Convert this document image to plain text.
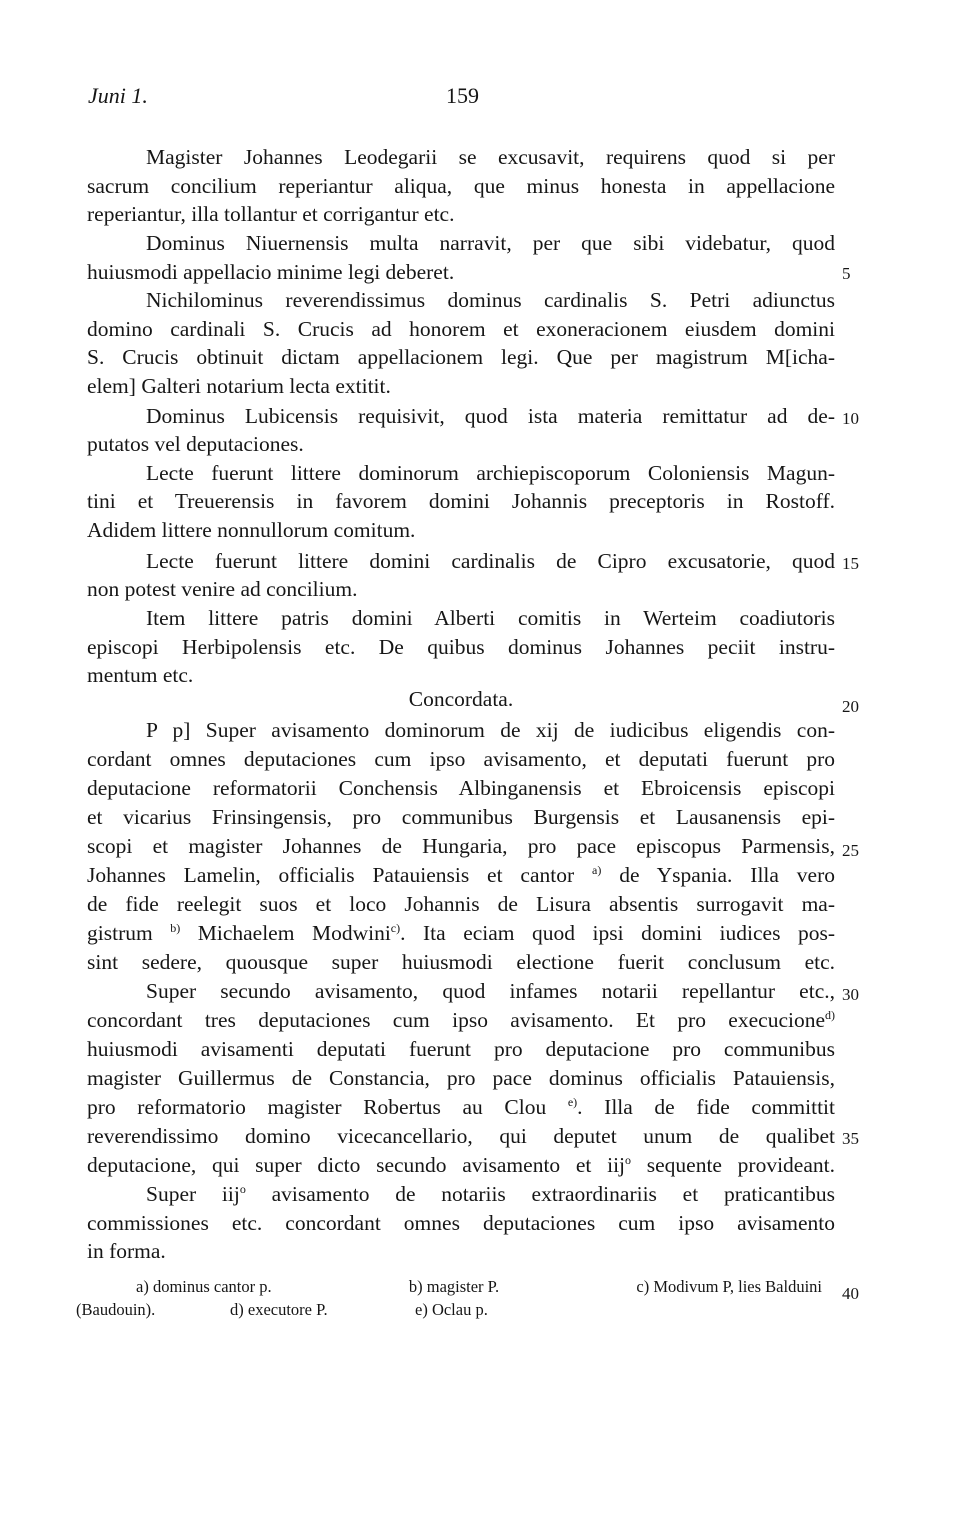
Juni 1.	159
Magister Johannes Leodegarii se excusavit, requirens quod si per
sacrum concilium reperiantur aliqua, que minus honesta in appellacione
reperiantur, illa tollantur et corrigantur etc.
Dominus Niuernensis multa narravit, per que sibi videbatur, quod
huiusmodi appellacio minime legi deberet.
Nichilominus reverendissimus dominus cardinalis S. Petri adiunctus
domino cardinali S. Crucis ad honorem et exoneracionem eiusdem domini
S. Crucis obtinuit dictam appellacionem legi. Que per magistrum M[icha-
elem] Galteri notarium lecta extitit.
Dominus Lubicensis requisivit, quod ista materia remittatur ad de-
putatos vel deputaciones.
Lecte fuerunt littere dominorum archiepiscoporum Coloniensis Magun-
tini et Treuerensis in favorem domini Johannis preceptoris in Rostoff.
Adidem littere nonnullorum comitum.
Lecte fuerunt littere domini cardinalis de Cipro excusatorie, quod
non potest venire ad concilium.
Item littere patris domini Alberti comitis in Werteim coadiutoris
episcopi Herbipolensis etc. De quibus dominus Johannes peciit instru-
mentum etc.
Concordata.
P p] Super avisamento dominorum de xij de iudicibus eligendis con-
cordant omnes deputaciones cum ipso avisamento, et deputati fuerunt pro
deputacione reformatorii Conchensis Albinganensis et Ebroicensis episcopi
et vicarius Frinsingensis, pro communibus Burgensis et Lausanensis epi-
scopi et magister Johannes de Hungaria, pro pace episcopus Parmensis,
Johannes Lamelin, officialis Patauiensis et cantor $^{a)}$ de Yspania. Illa vero
de fide reelegit suos et loco Johannis de Lisura absentis surrogavit ma-
gistrum $^{b)}$ Michaelem Modwini$^{c)}$. Ita eciam quod ipsi domini iudices pos-
sint sedere, quousque super huiusmodi electione fuerit conclusum etc.
Super secundo avisamento, quod infames notarii repellantur etc.,
concordant tres deputaciones cum ipso avisamento. Et pro execucione$^{d)}$
huiusmodi avisamenti deputati fuerunt pro deputacione pro communibus
magister Guillermus de Constancia, pro pace dominus officialis Patauiensis,
pro reformatorio magister Robertus au Clou $^{e)}$. Illa de fide committit
reverendissimo domino vicecancellario, qui deputet unum de qualibet
deputacione, qui super dicto secundo avisamento et iij$^o$ sequente provideant.
Super iij$^o$ avisamento de notariis extraordinariis et praticantibus
commissiones etc. concordant omnes deputaciones cum ipso avisamento
in forma.
5
10
15
20
25
30
35
40
a) dominus cantor p.	b) magister P.	c) Modivum P, lies Balduini
(Baudouin).	d) executore P.	e) Oclau p.
